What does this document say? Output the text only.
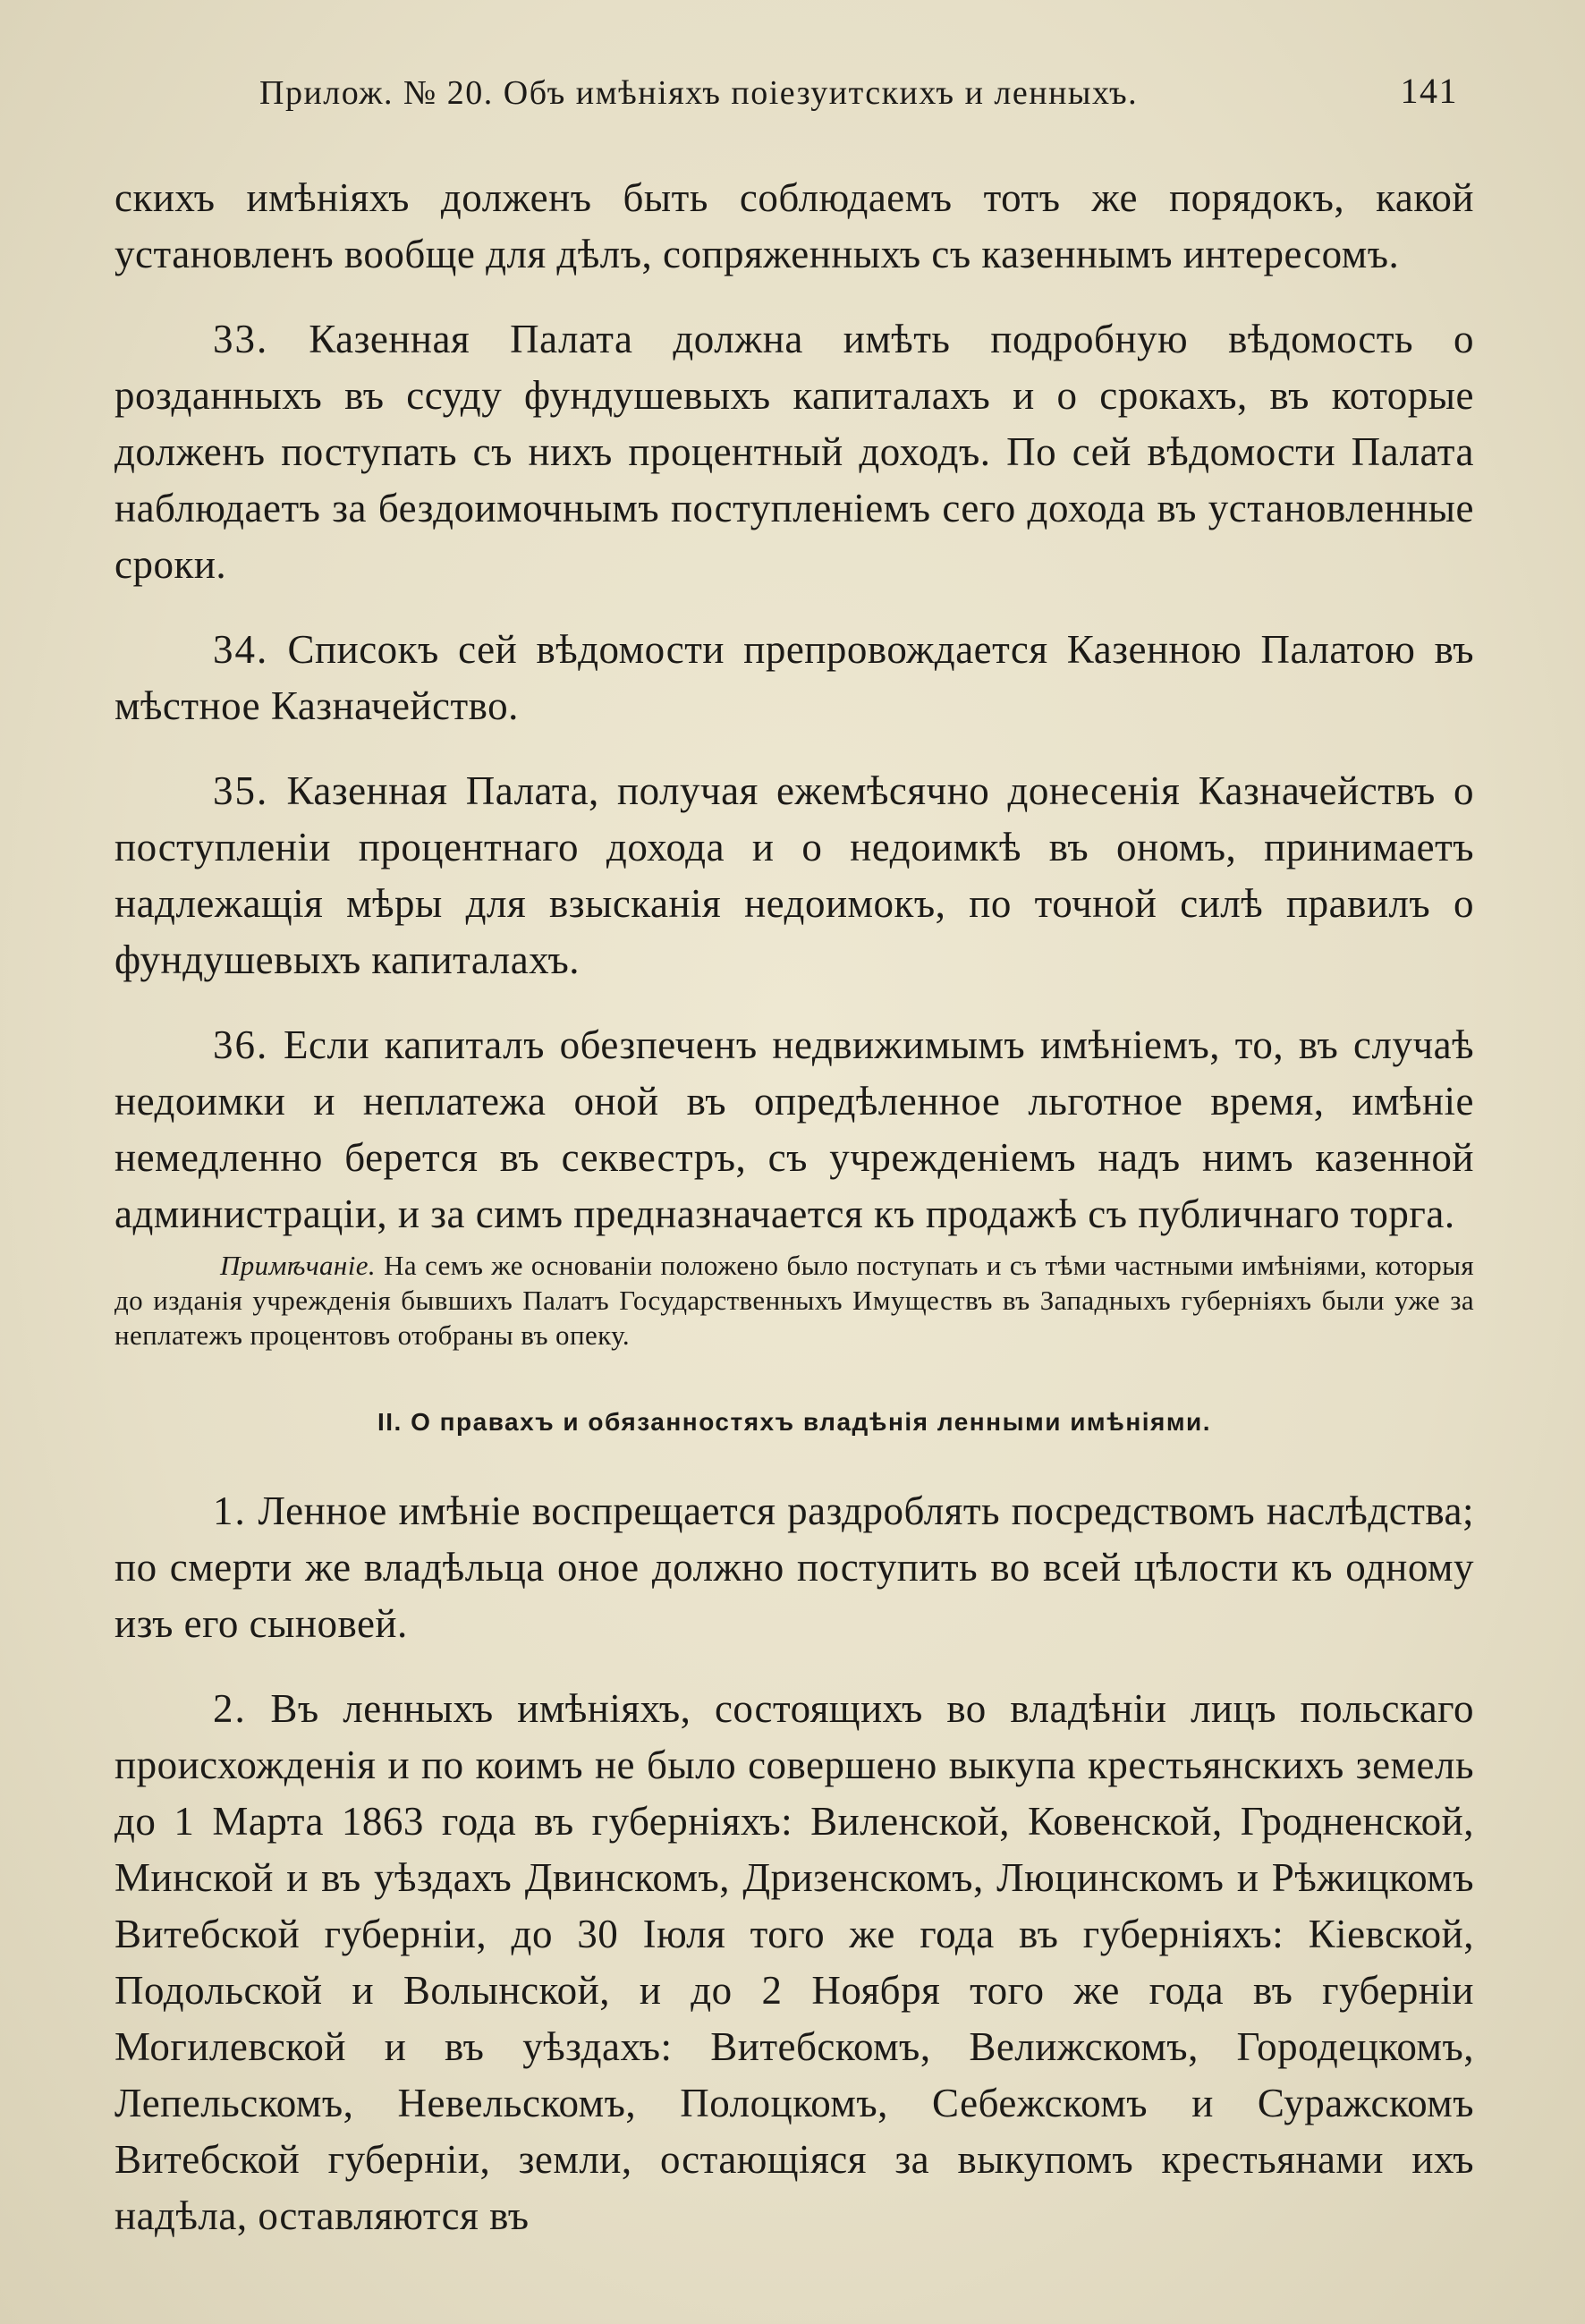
Прилож. № 20. Объ имѣніяхъ поіезуитскихъ и ленныхъ.	141

скихъ имѣніяхъ долженъ быть соблюдаемъ тотъ же порядокъ, какой установленъ вообще для дѣлъ, сопряженныхъ съ казеннымъ интересомъ.

33. Казенная Палата должна имѣть подробную вѣдомость о розданныхъ въ ссуду фундушевыхъ капиталахъ и о срокахъ, въ которые долженъ поступать съ нихъ процентный доходъ. По сей вѣдомости Палата наблюдаетъ за бездоимочнымъ поступленіемъ сего дохода въ установленные сроки.

34. Списокъ сей вѣдомости препровождается Казенною Палатою въ мѣстное Казначейство.

35. Казенная Палата, получая ежемѣсячно донесенія Казначействъ о поступленіи процентнаго дохода и о недоимкѣ въ ономъ, принимаетъ надлежащія мѣры для взысканія недоимокъ, по точной силѣ правилъ о фундушевыхъ капиталахъ.

36. Если капиталъ обезпеченъ недвижимымъ имѣніемъ, то, въ случаѣ недоимки и неплатежа оной въ опредѣленное льготное время, имѣніе немедленно берется въ секвестръ, съ учрежденіемъ надъ нимъ казенной администраціи, и за симъ предназначается къ продажѣ съ публичнаго торга.

Примѣчаніе. На семъ же основаніи положено было поступать и съ тѣми частными имѣніями, которыя до изданія учрежденія бывшихъ Палатъ Государственныхъ Имуществъ въ Западныхъ губерніяхъ были уже за неплатежъ процентовъ отобраны въ опеку.

II. О правахъ и обязанностяхъ владѣнія ленными имѣніями.

1. Ленное имѣніе воспрещается раздроблять посредствомъ наслѣдства; по смерти же владѣльца оное должно поступить во всей цѣлости къ одному изъ его сыновей.

2. Въ ленныхъ имѣніяхъ, состоящихъ во владѣніи лицъ польскаго происхожденія и по коимъ не было совершено выкупа крестьянскихъ земель до 1 Марта 1863 года въ губерніяхъ: Виленской, Ковенской, Гродненской, Минской и въ уѣздахъ Двинскомъ, Дризенскомъ, Люцинскомъ и Рѣжицкомъ Витебской губерніи, до 30 Іюля того же года въ губерніяхъ: Кіевской, Подольской и Волынской, и до 2 Ноября того же года въ губерніи Могилевской и въ уѣздахъ: Витебскомъ, Велижскомъ, Городецкомъ, Лепельскомъ, Невельскомъ, Полоцкомъ, Себежскомъ и Суражскомъ Витебской губерніи, земли, остающіяся за выкупомъ крестьянами ихъ надѣла, оставляются въ
